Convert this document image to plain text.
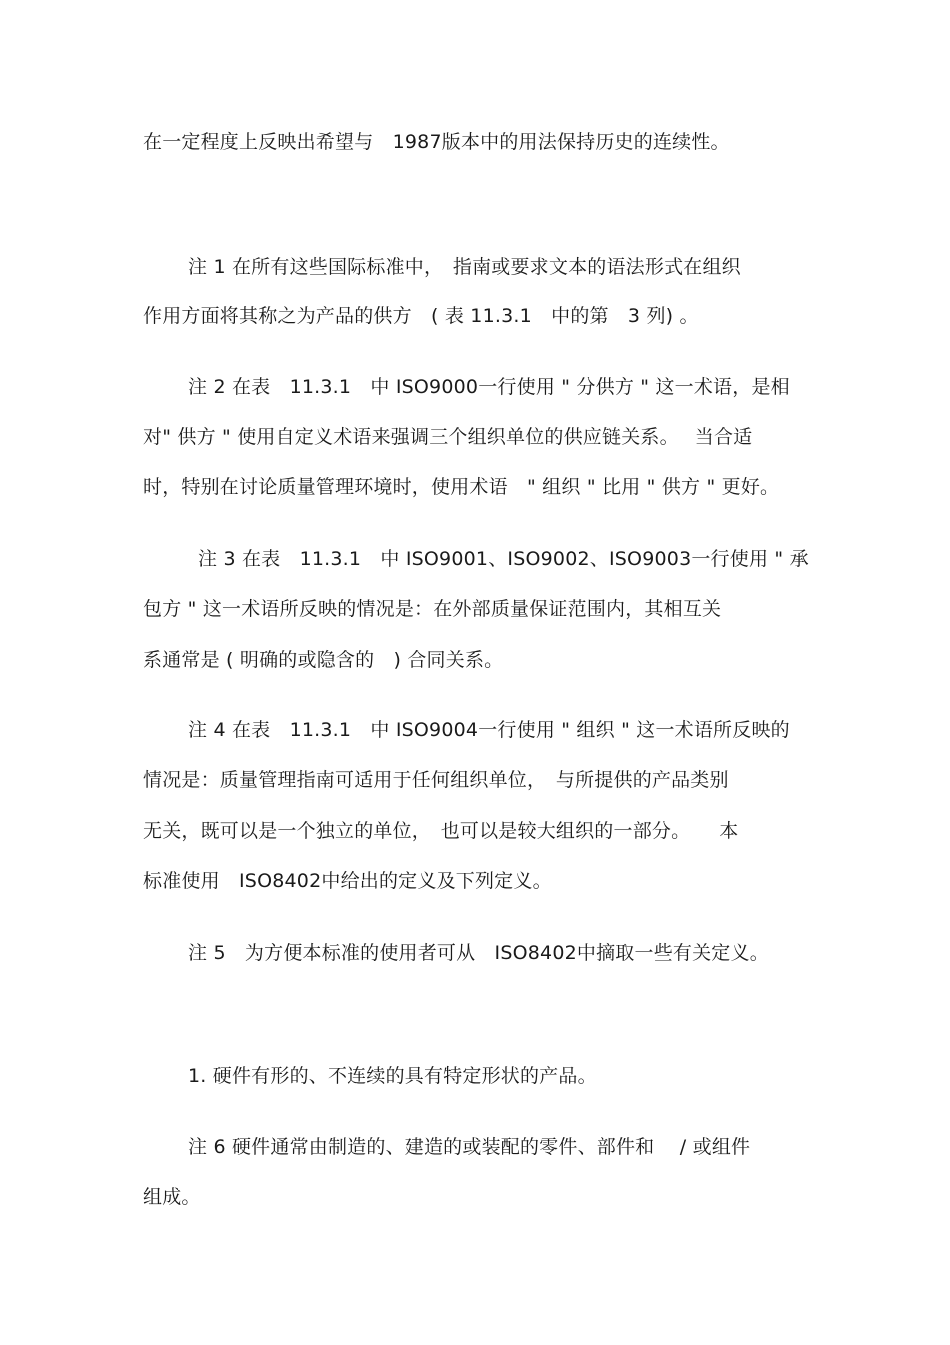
在一定程度上反映出希望与　1987版本中的用法保持历史的连续性。
注 1 在所有这些国际标准中，　指南或要求文本的语法形式在组织
作用方面将其称之为产品的供方　( 表 11.3.1　中的第　3 列) 。
注 2 在表　11.3.1　中 ISO9000一行使用 " 分供方 " 这一术语，是相
对" 供方 " 使用自定义术语来强调三个组织单位的供应链关系。　 当合适
时，特别在讨论质量管理环境时，使用术语　" 组织 " 比用 " 供方 " 更好。
注 3 在表　11.3.1　中 ISO9001、ISO9002、ISO9003一行使用 " 承
包方 " 这一术语所反映的情况是：在外部质量保证范围内，其相互关
系通常是 ( 明确的或隐含的　) 合同关系。
注 4 在表　11.3.1　中 ISO9004一行使用 " 组织 " 这一术语所反映的
情况是：质量管理指南可适用于任何组织单位，　与所提供的产品类别
无关，既可以是一个独立的单位，　也可以是较大组织的一部分。　　本
标准使用　ISO8402中给出的定义及下列定义。
注 5　为方便本标准的使用者可从　ISO8402中摘取一些有关定义。
1. 硬件有形的、不连续的具有特定形状的产品。
注 6 硬件通常由制造的、建造的或装配的零件、部件和　 / 或组件
组成。
